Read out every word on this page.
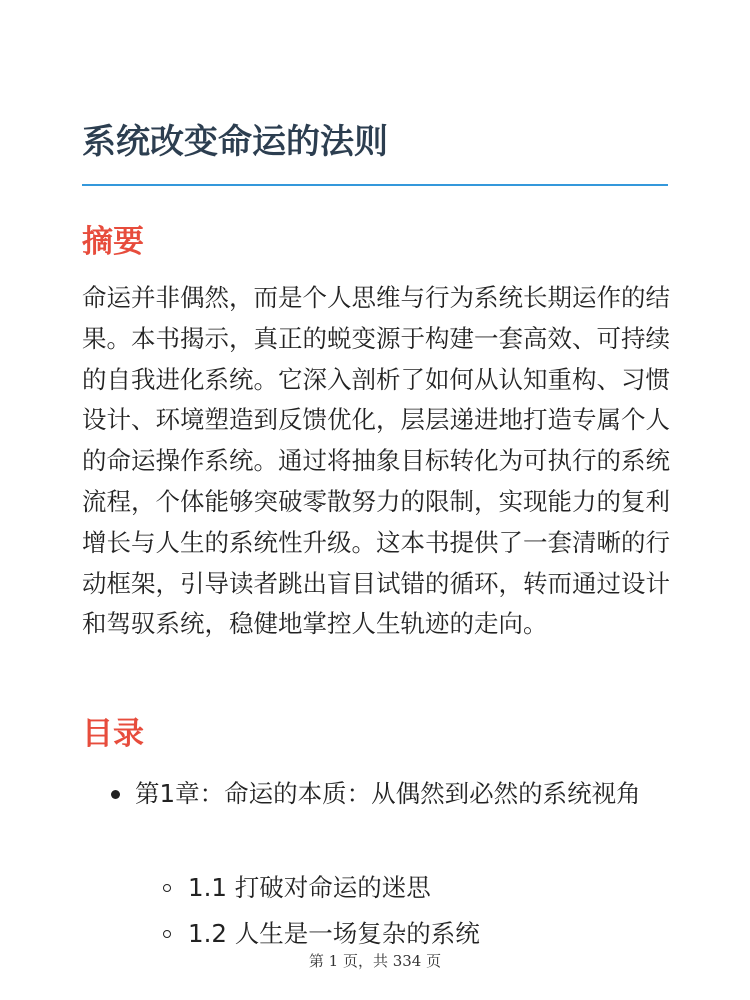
系统改变命运的法则
摘要

命运并非偶然，而是个人思维与行为系统长期运作的结果。本书揭示，真正的蜕变源于构建一套高效、可持续的自我进化系统。它深入剖析了如何从认知重构、习惯设计、环境塑造到反馈优化，层层递进地打造专属个人的命运操作系统。通过将抽象目标转化为可执行的系统流程，个体能够突破零散努力的限制，实现能力的复利增长与人生的系统性升级。这本书提供了一套清晰的行动框架，引导读者跳出盲目试错的循环，转而通过设计和驾驭系统，稳健地掌控人生轨迹的走向。

目录
第1章：命运的本质：从偶然到必然的系统视角
1.1 打破对命运的迷思
1.2 人生是一场复杂的系统
第 1 页，共 334 页
